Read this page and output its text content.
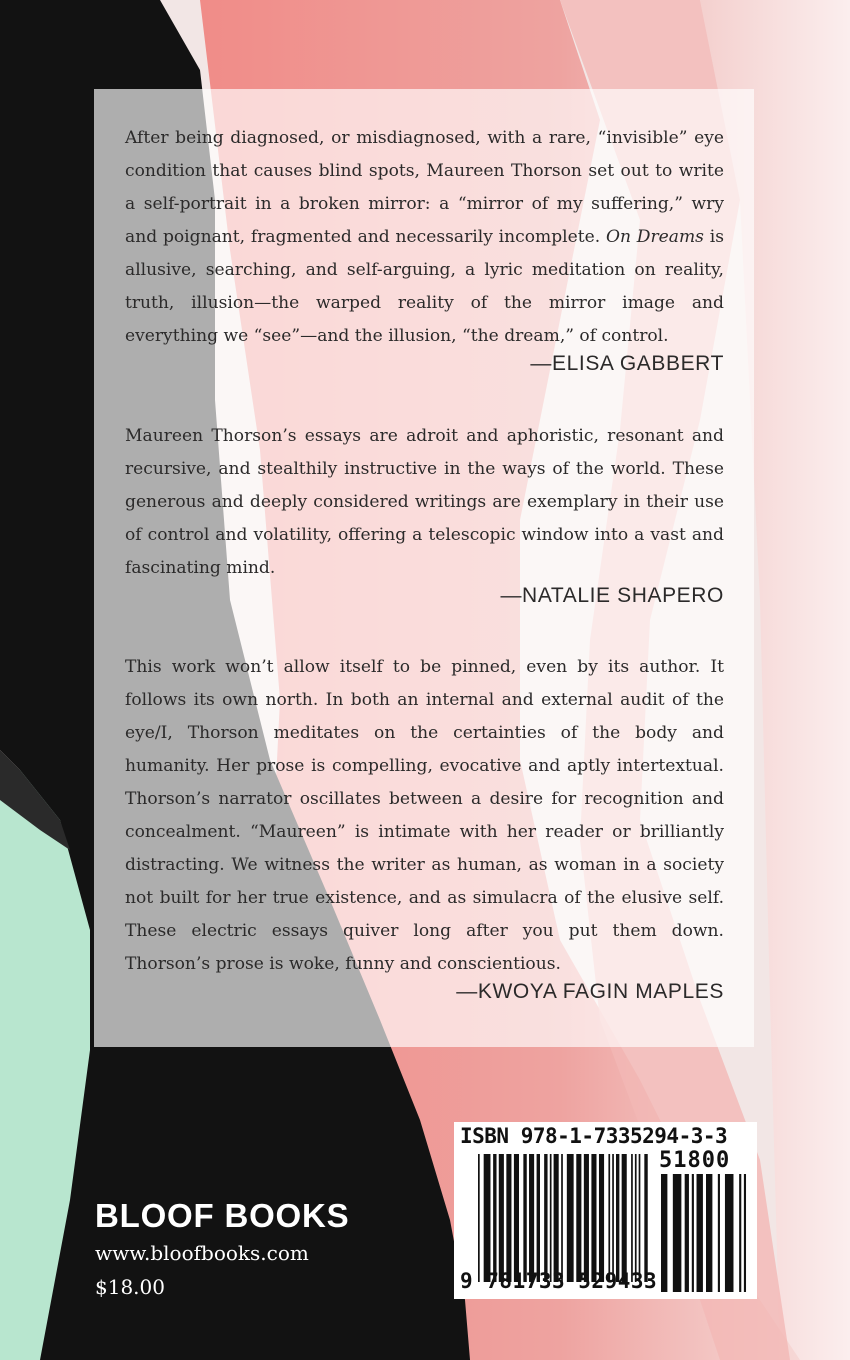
After being diagnosed, or misdiagnosed, with a rare, “invisible” eye condition that causes blind spots, Maureen Thorson set out to write a self-portrait in a broken mirror: a “mirror of my suffering,” wry and poignant, fragmented and necessarily incomplete. On Dreams is allusive, searching, and self-arguing, a lyric meditation on reality, truth, illusion—the warped reality of the mirror image and everything we “see”—and the illusion, “the dream,” of control.

—ELISA GABBERT

Maureen Thorson’s essays are adroit and aphoristic, resonant and recursive, and stealthily instructive in the ways of the world. These generous and deeply considered writings are exemplary in their use of control and volatility, offering a telescopic window into a vast and fascinating mind.

—NATALIE SHAPERO

This work won’t allow itself to be pinned, even by its author. It follows its own north. In both an internal and external audit of the eye/I, Thorson meditates on the certainties of the body and humanity. Her prose is compelling, evocative and aptly intertextual. Thorson’s narrator oscillates between a desire for recognition and concealment. “Maureen” is intimate with her reader or brilliantly distracting. We witness the writer as human, as woman in a society not built for her true existence, and as simulacra of the elusive self. These electric essays quiver long after you put them down. Thorson’s prose is woke, funny and conscientious.

—KWOYA FAGIN MAPLES
BLOOF BOOKS
www.bloofbooks.com
$18.00
ISBN 978-1-7335294-3-3
51800
9 781733 529433
